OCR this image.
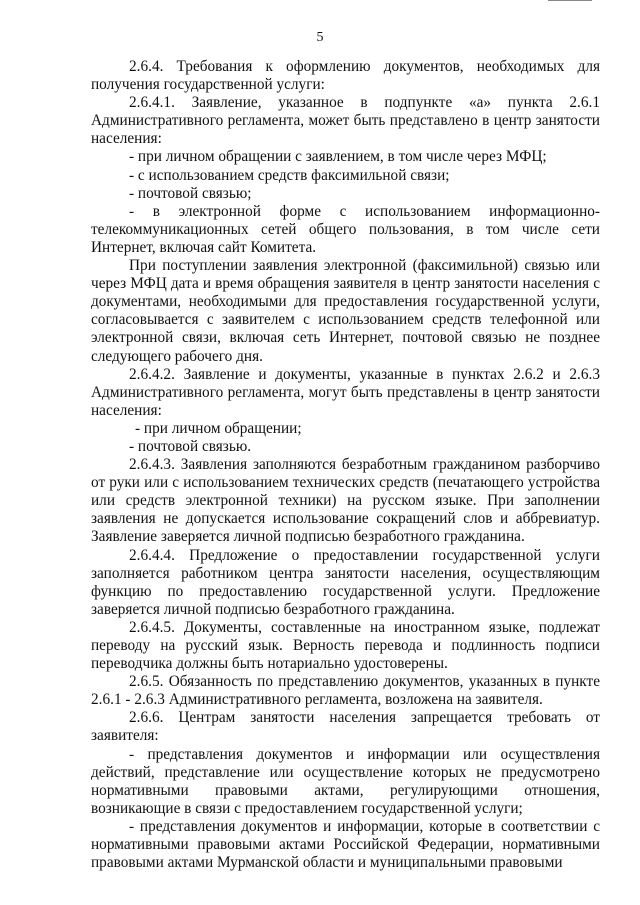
5

2.6.4. Требования к оформлению документов, необходимых для получения государственной услуги:

2.6.4.1. Заявление, указанное в подпункте «а» пункта 2.6.1 Административного регламента, может быть представлено в центр занятости населения:

- при личном обращении с заявлением, в том числе через МФЦ;

- с использованием средств факсимильной связи;

- почтовой связью;

- в электронной форме с использованием информационно-телекоммуникационных сетей общего пользования, в том числе сети Интернет, включая сайт Комитета.

При поступлении заявления электронной (факсимильной) связью или через МФЦ дата и время обращения заявителя в центр занятости населения с документами, необходимыми для предоставления государственной услуги, согласовывается с заявителем с использованием средств телефонной или электронной связи, включая сеть Интернет, почтовой связью не позднее следующего рабочего дня.

2.6.4.2. Заявление и документы, указанные в пунктах 2.6.2 и 2.6.3 Административного регламента, могут быть представлены в центр занятости населения:

- при личном обращении;

- почтовой связью.

2.6.4.3. Заявления заполняются безработным гражданином разборчиво от руки или с использованием технических средств (печатающего устройства или средств электронной техники) на русском языке. При заполнении заявления не допускается использование сокращений слов и аббревиатур. Заявление заверяется личной подписью безработного гражданина.

2.6.4.4. Предложение о предоставлении государственной услуги заполняется работником центра занятости населения, осуществляющим функцию по предоставлению государственной услуги. Предложение заверяется личной подписью безработного гражданина.

2.6.4.5. Документы, составленные на иностранном языке, подлежат переводу на русский язык. Верность перевода и подлинность подписи переводчика должны быть нотариально удостоверены.

2.6.5. Обязанность по представлению документов, указанных в пункте 2.6.1 - 2.6.3 Административного регламента, возложена на заявителя.

2.6.6. Центрам занятости населения запрещается требовать от заявителя:

- представления документов и информации или осуществления действий, представление или осуществление которых не предусмотрено нормативными правовыми актами, регулирующими отношения, возникающие в связи с предоставлением государственной услуги;

- представления документов и информации, которые в соответствии с нормативными правовыми актами Российской Федерации, нормативными правовыми актами Мурманской области и муниципальными правовыми
